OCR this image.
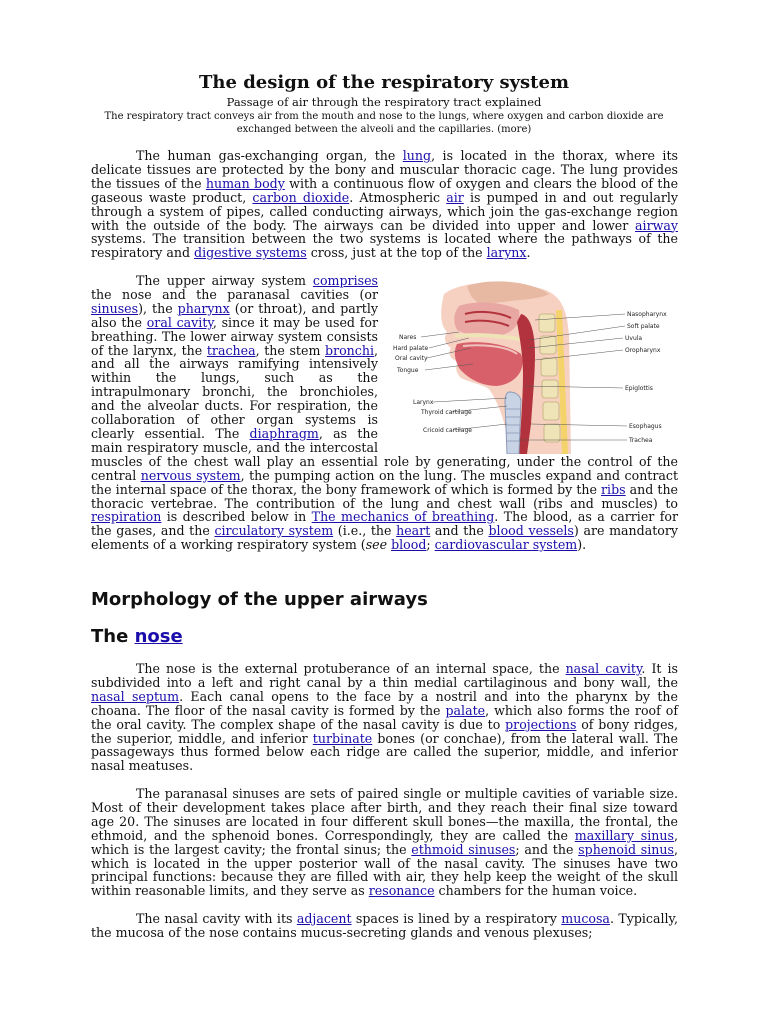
The design of the respiratory system
Passage of air through the respiratory tract explained
The respiratory tract conveys air from the mouth and nose to the lungs, where oxygen and carbon dioxide are exchanged between the alveoli and the capillaries. (more)

The human gas-exchanging organ, the lung, is located in the thorax, where its delicate tissues are protected by the bony and muscular thoracic cage. The lung provides the tissues of the human body with a continuous flow of oxygen and clears the blood of the gaseous waste product, carbon dioxide. Atmospheric air is pumped in and out regularly through a system of pipes, called conducting airways, which join the gas-exchange region with the outside of the body. The airways can be divided into upper and lower airway systems. The transition between the two systems is located where the pathways of the respiratory and digestive systems cross, just at the top of the larynx.

Nares
Hard palate
Oral cavity
Tongue
Larynx
Thyroid cartilage
Cricoid cartilage
Nasopharynx
Soft palate
Uvula
Oropharynx
Epiglottis
Esophagus
Trachea

The upper airway system comprises the nose and the paranasal cavities (or sinuses), the pharynx (or throat), and partly also the oral cavity, since it may be used for breathing. The lower airway system consists of the larynx, the trachea, the stem bronchi, and all the airways ramifying intensively within the lungs, such as the intrapulmonary bronchi, the bronchioles, and the alveolar ducts. For respiration, the collaboration of other organ systems is clearly essential. The diaphragm, as the main respiratory muscle, and the intercostal muscles of the chest wall play an essential role by generating, under the control of the central nervous system, the pumping action on the lung. The muscles expand and contract the internal space of the thorax, the bony framework of which is formed by the ribs and the thoracic vertebrae. The contribution of the lung and chest wall (ribs and muscles) to respiration is described below in The mechanics of breathing. The blood, as a carrier for the gases, and the circulatory system (i.e., the heart and the blood vessels) are mandatory elements of a working respiratory system (see blood; cardiovascular system).

Morphology of the upper airways
The nose

The nose is the external protuberance of an internal space, the nasal cavity. It is subdivided into a left and right canal by a thin medial cartilaginous and bony wall, the nasal septum. Each canal opens to the face by a nostril and into the pharynx by the choana. The floor of the nasal cavity is formed by the palate, which also forms the roof of the oral cavity. The complex shape of the nasal cavity is due to projections of bony ridges, the superior, middle, and inferior turbinate bones (or conchae), from the lateral wall. The passageways thus formed below each ridge are called the superior, middle, and inferior nasal meatuses.

The paranasal sinuses are sets of paired single or multiple cavities of variable size. Most of their development takes place after birth, and they reach their final size toward age 20. The sinuses are located in four different skull bones—the maxilla, the frontal, the ethmoid, and the sphenoid bones. Correspondingly, they are called the maxillary sinus, which is the largest cavity; the frontal sinus; the ethmoid sinuses; and the sphenoid sinus, which is located in the upper posterior wall of the nasal cavity. The sinuses have two principal functions: because they are filled with air, they help keep the weight of the skull within reasonable limits, and they serve as resonance chambers for the human voice.

The nasal cavity with its adjacent spaces is lined by a respiratory mucosa. Typically, the mucosa of the nose contains mucus-secreting glands and venous plexuses;
